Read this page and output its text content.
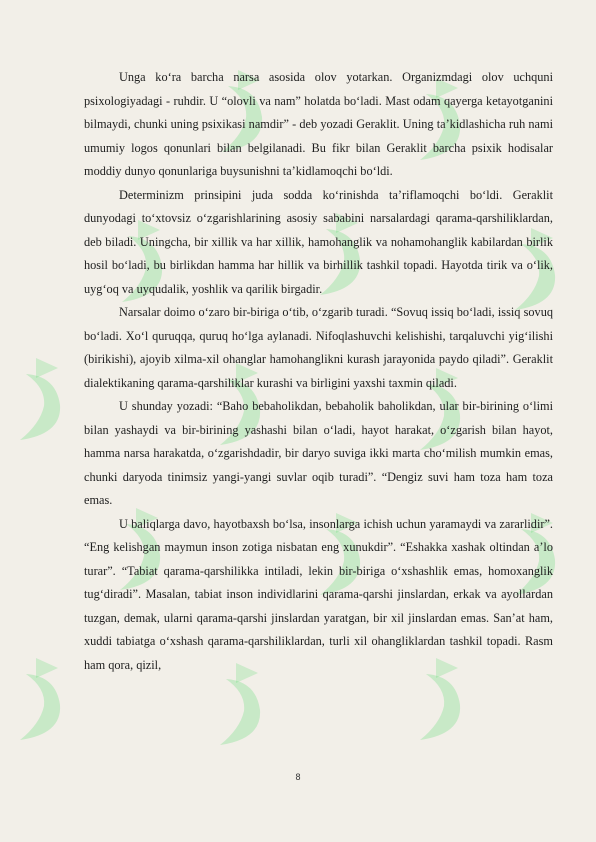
Unga ko‘ra barcha narsa asosida olov yotarkan. Organizmdagi olov uchquni psixologiyadagi - ruhdir. U “olovli va nam” holatda bo‘ladi. Mast odam qayerga ketayotganini bilmaydi, chunki uning psixikasi namdir” - deb yozadi Geraklit. Uning ta’kidlashicha ruh nami umumiy logos qonunlari bilan belgilanadi. Bu fikr bilan Geraklit barcha psixik hodisalar moddiy dunyo qonunlariga buysunishni ta’kidlamoqchi bo‘ldi.

Determinizm prinsipini juda sodda ko‘rinishda ta’riflamoqchi bo‘ldi. Geraklit dunyodagi to‘xtovsiz o‘zgarishlarining asosiy sababini narsalardagi qarama-qarshiliklardan, deb biladi. Uningcha, bir xillik va har xillik, hamohanglik va nohamohanglik kabilardan birlik hosil bo‘ladi, bu birlikdan hamma har hillik va birhillik tashkil topadi. Hayotda tirik va o‘lik, uyg‘oq va uyqudalik, yoshlik va qarilik birgadir.

Narsalar doimo o‘zaro bir-biriga o‘tib, o‘zgarib turadi. “Sovuq issiq bo‘ladi, issiq sovuq bo‘ladi. Xo‘l quruqqa, quruq ho‘lga aylanadi. Nifoqlashuvchi kelishishi, tarqaluvchi yig‘ilishi (birikishi), ajoyib xilma-xil ohanglar hamohanglikni kurash jarayonida paydo qiladi”. Geraklit dialektikaning qarama-qarshiliklar kurashi va birligini yaxshi taxmin qiladi.

U shunday yozadi: “Baho bebaholikdan, bebaholik baholikdan, ular bir-birining o‘limi bilan yashaydi va bir-birining yashashi bilan o‘ladi, hayot harakat, o‘zgarish bilan hayot, hamma narsa harakatda, o‘zgarishdadir, bir daryo suviga ikki marta cho‘milish mumkin emas, chunki daryoda tinimsiz yangi-yangi suvlar oqib turadi”. “Dengiz suvi ham toza ham toza emas.

U baliqlarga davo, hayotbaxsh bo‘lsa, insonlarga ichish uchun yaramaydi va zararlidir”. “Eng kelishgan maymun inson zotiga nisbatan eng xunukdir”. “Eshakka xashak oltindan a’lo turar”. “Tabiat qarama-qarshilikka intiladi, lekin bir-biriga o‘xshashlik emas, homoxanglik tug‘diradi”. Masalan, tabiat inson individlarini qarama-qarshi jinslardan, erkak va ayollardan tuzgan, demak, ularni qarama-qarshi jinslardan yaratgan, bir xil jinslardan emas. San’at ham, xuddi tabiatga o‘xshash qarama-qarshiliklardan, turli xil ohangliklardan tashkil topadi. Rasm ham qora, qizil,

8
